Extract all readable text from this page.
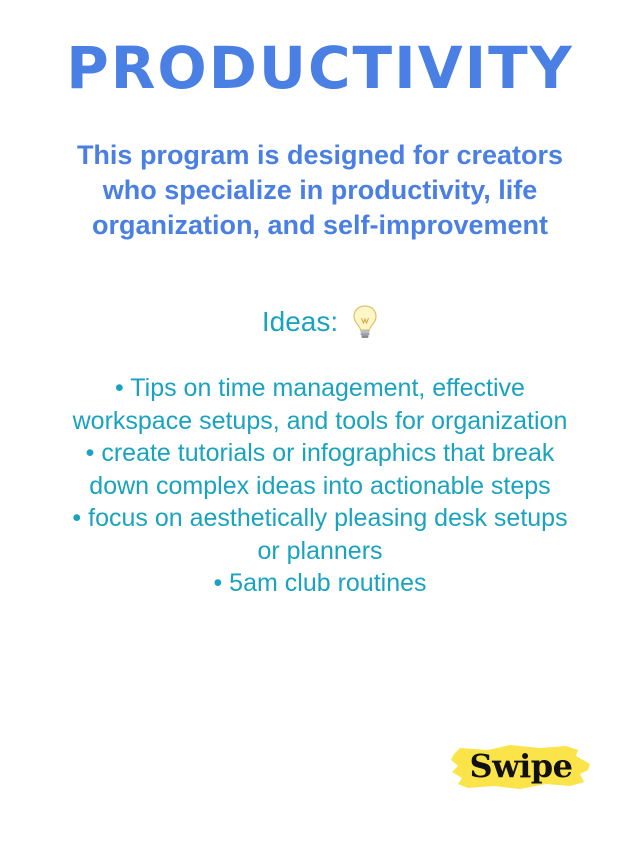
PRODUCTIVITY

This program is designed for creators who specialize in productivity, life organization, and self-improvement

Ideas:
• Tips on time management, effective workspace setups, and tools for organization
• create tutorials or infographics that break down complex ideas into actionable steps
• focus on aesthetically pleasing desk setups or planners
• 5am club routines
Swipe
